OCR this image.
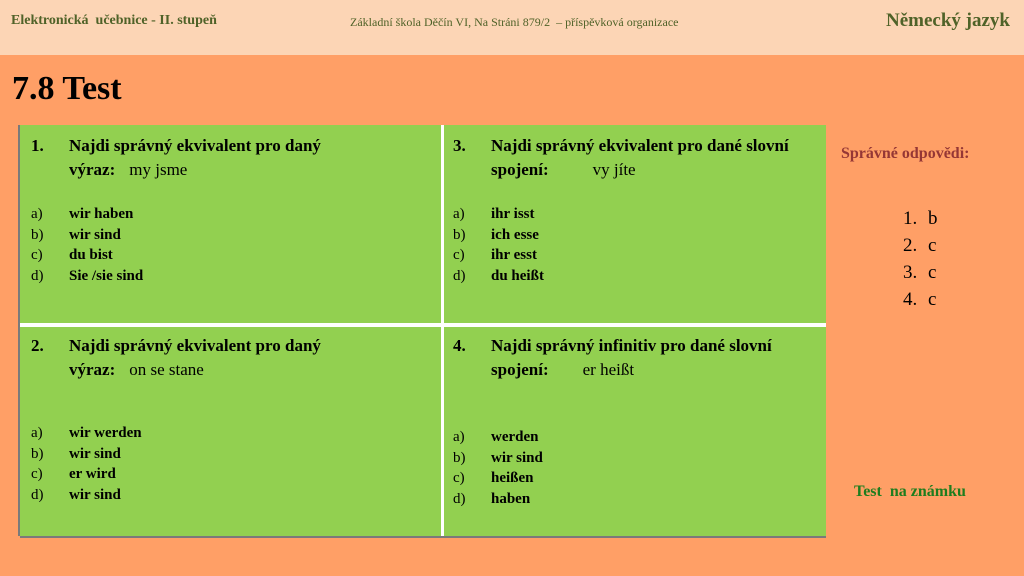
Elektronická  učebnice - II. stupeň	Základní škola Děčín VI, Na Stráni 879/2  – příspěvková organizace	Německý jazyk
7.8 Test
1. Najdi správný ekvivalent pro daný výraz: my jsme
a) wir haben
b) wir sind
c) du bist
d) Sie /sie sind
3. Najdi správný ekvivalent pro dané slovní spojení:	vy jíte
a) ihr isst
b) ich esse
c) ihr esst
d) du heißt
2. Najdi správný ekvivalent pro daný výraz: on se stane
a) wir werden
b) wir sind
c) er wird
d) wir sind
4. Najdi správný infinitiv pro dané slovní spojení: er heißt
a) werden
b) wir sind
c) heißen
d) haben
Správné odpovědi:
1. b
2. c
3. c
4. c
Test  na známku
